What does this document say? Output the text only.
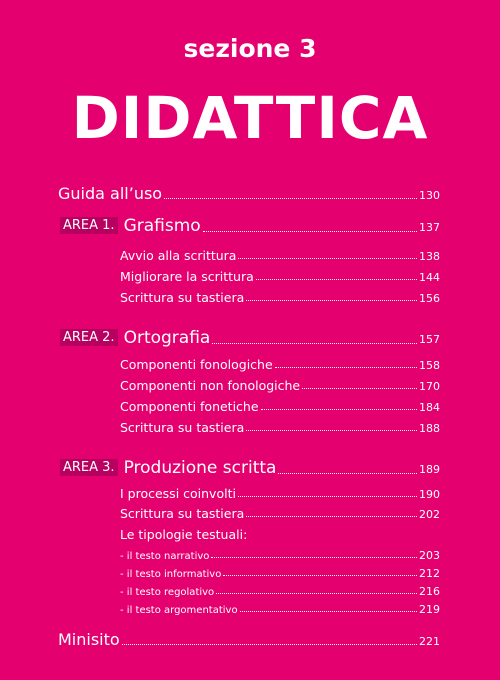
sezione 3
DIDATTICA
Guida all’uso	130
AREA 1. Grafismo	137
Avvio alla scrittura	138
Migliorare la scrittura	144
Scrittura su tastiera	156
AREA 2. Ortografia	157
Componenti fonologiche	158
Componenti non fonologiche	170
Componenti fonetiche	184
Scrittura su tastiera	188
AREA 3. Produzione scritta	189
I processi coinvolti	190
Scrittura su tastiera	202
Le tipologie testuali:
- il testo narrativo	203
- il testo informativo	212
- il testo regolativo	216
- il testo argomentativo	219
Minisito	221
